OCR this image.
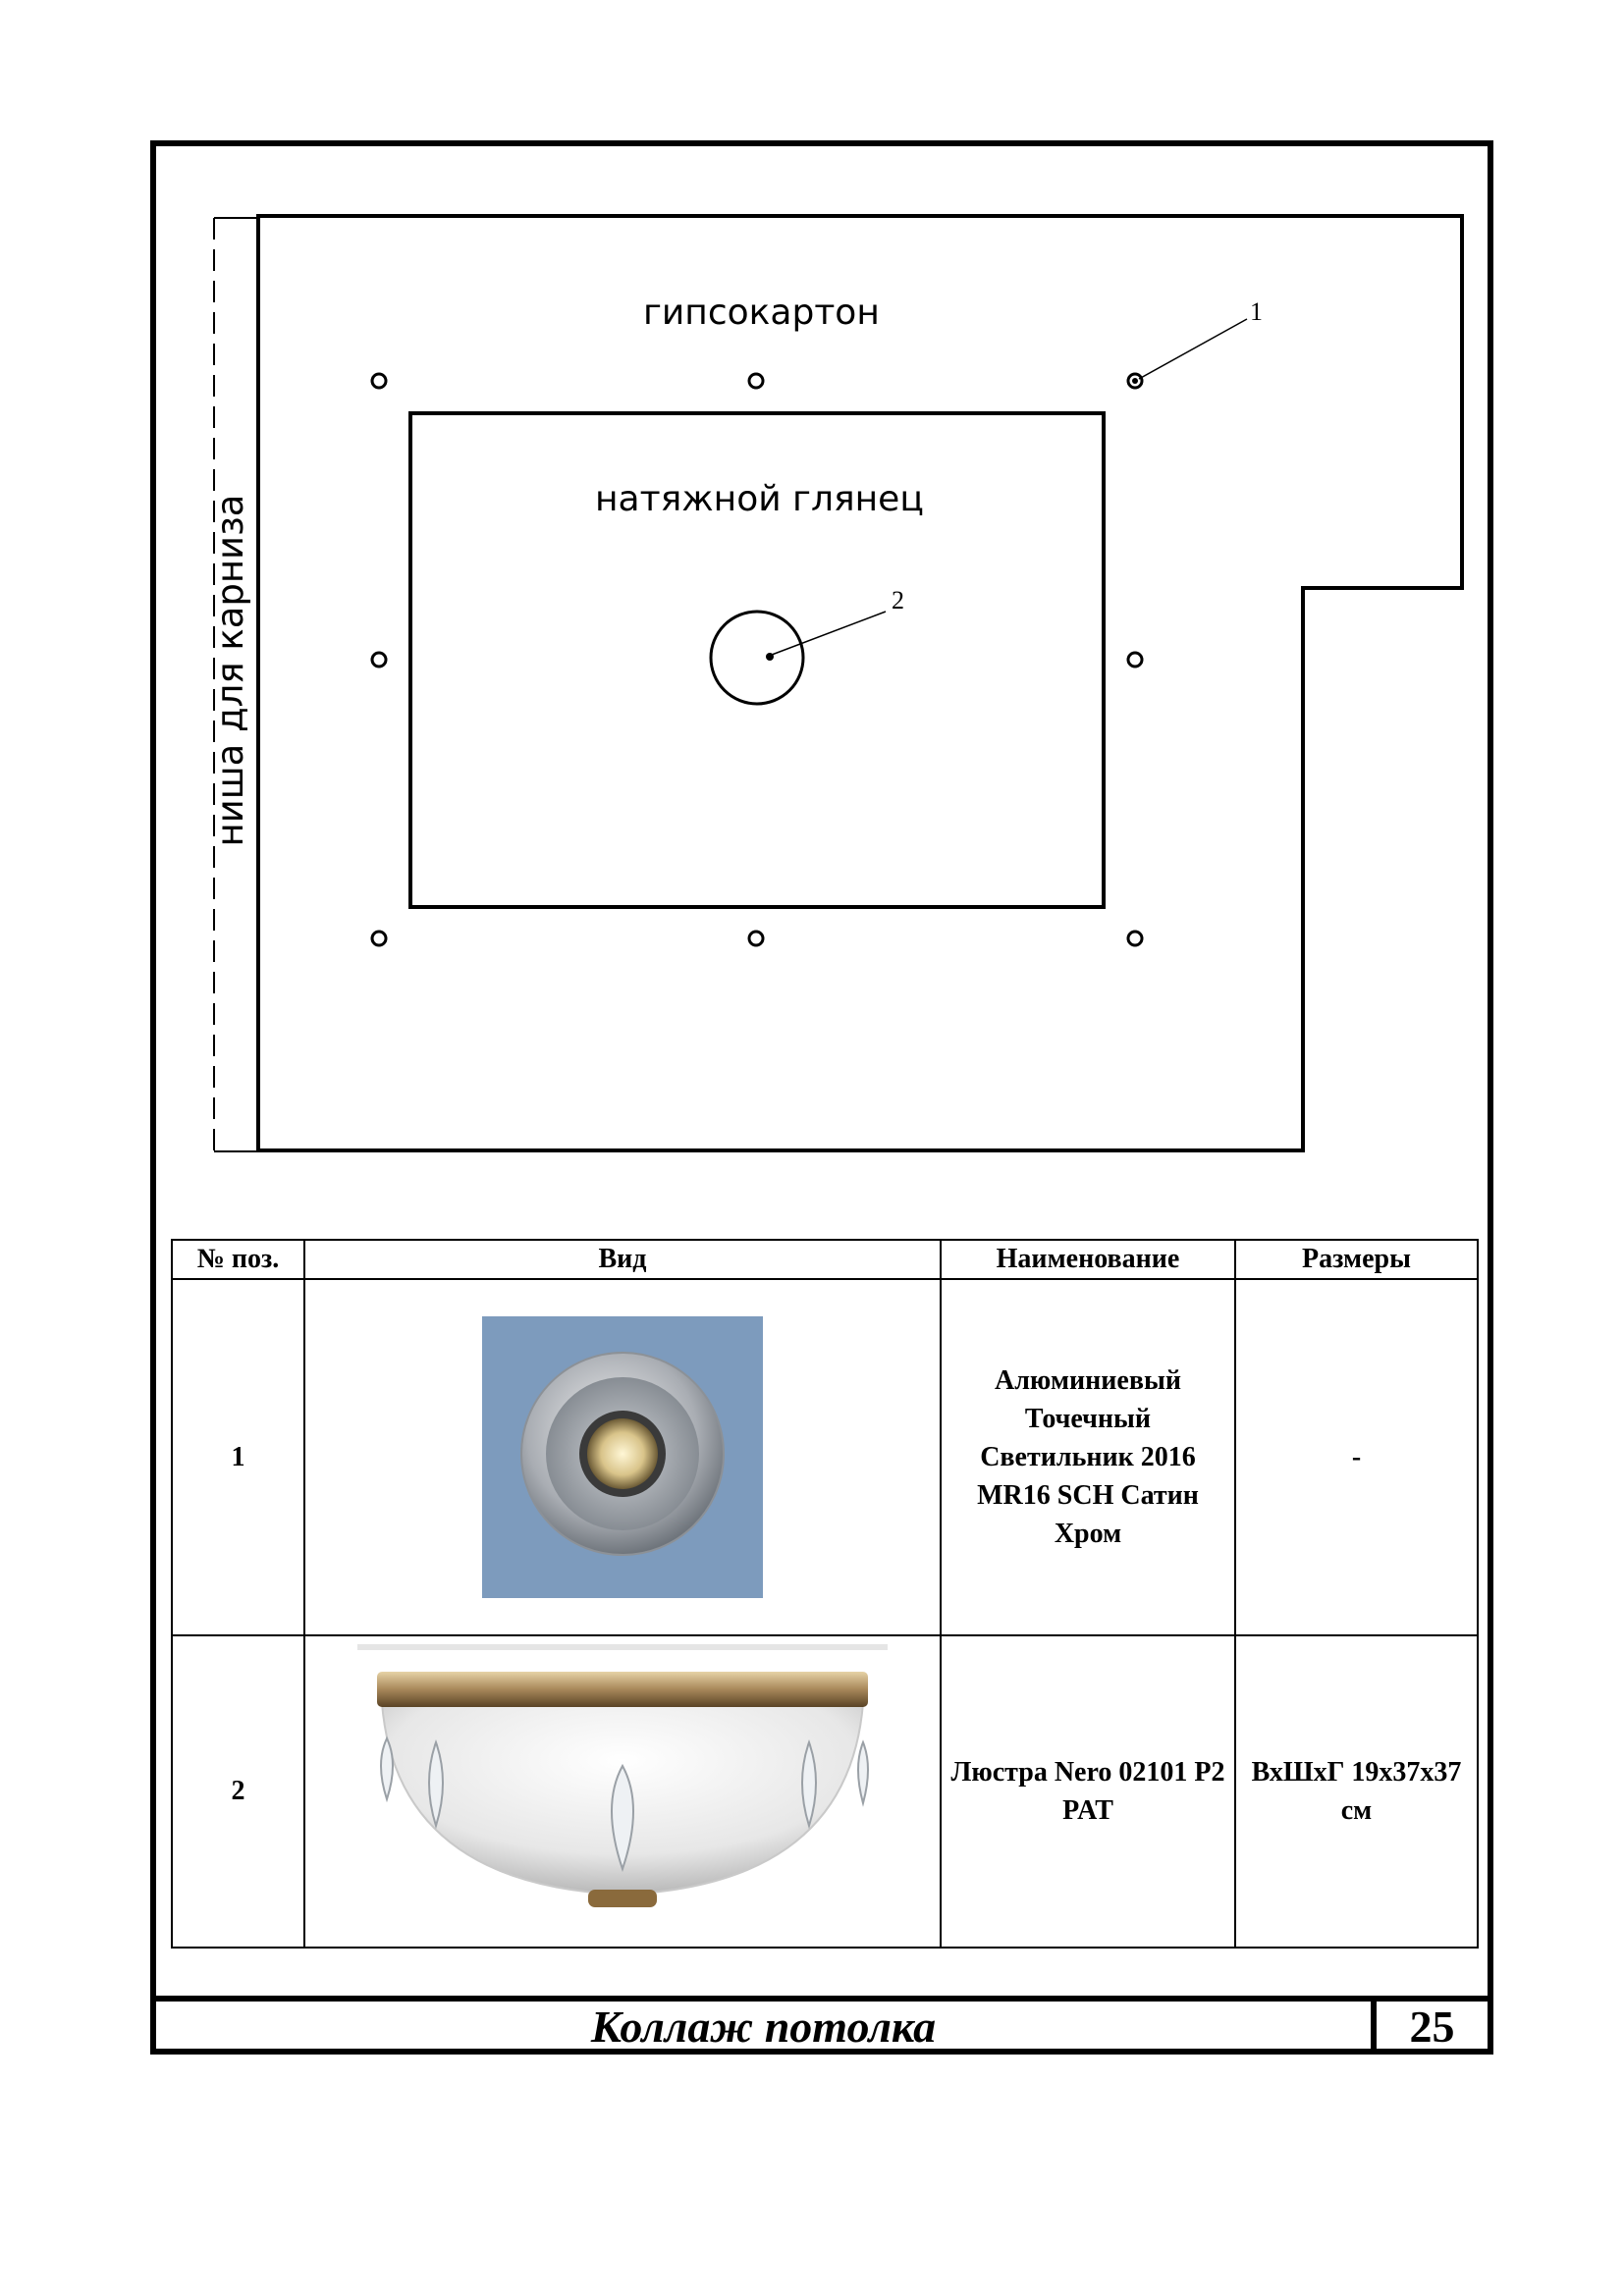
ниша для карниза
гипсокартон
натяжной глянец
1
2
№ поз.	Вид	Наименование	Размеры
1		Алюминиевый Точечный Светильник 2016 MR16 SCH Сатин Хром	-
2		Люстра Nero 02101 P2 PAT	ВхШхГ 19х37х37 см
Коллаж потолка	25
